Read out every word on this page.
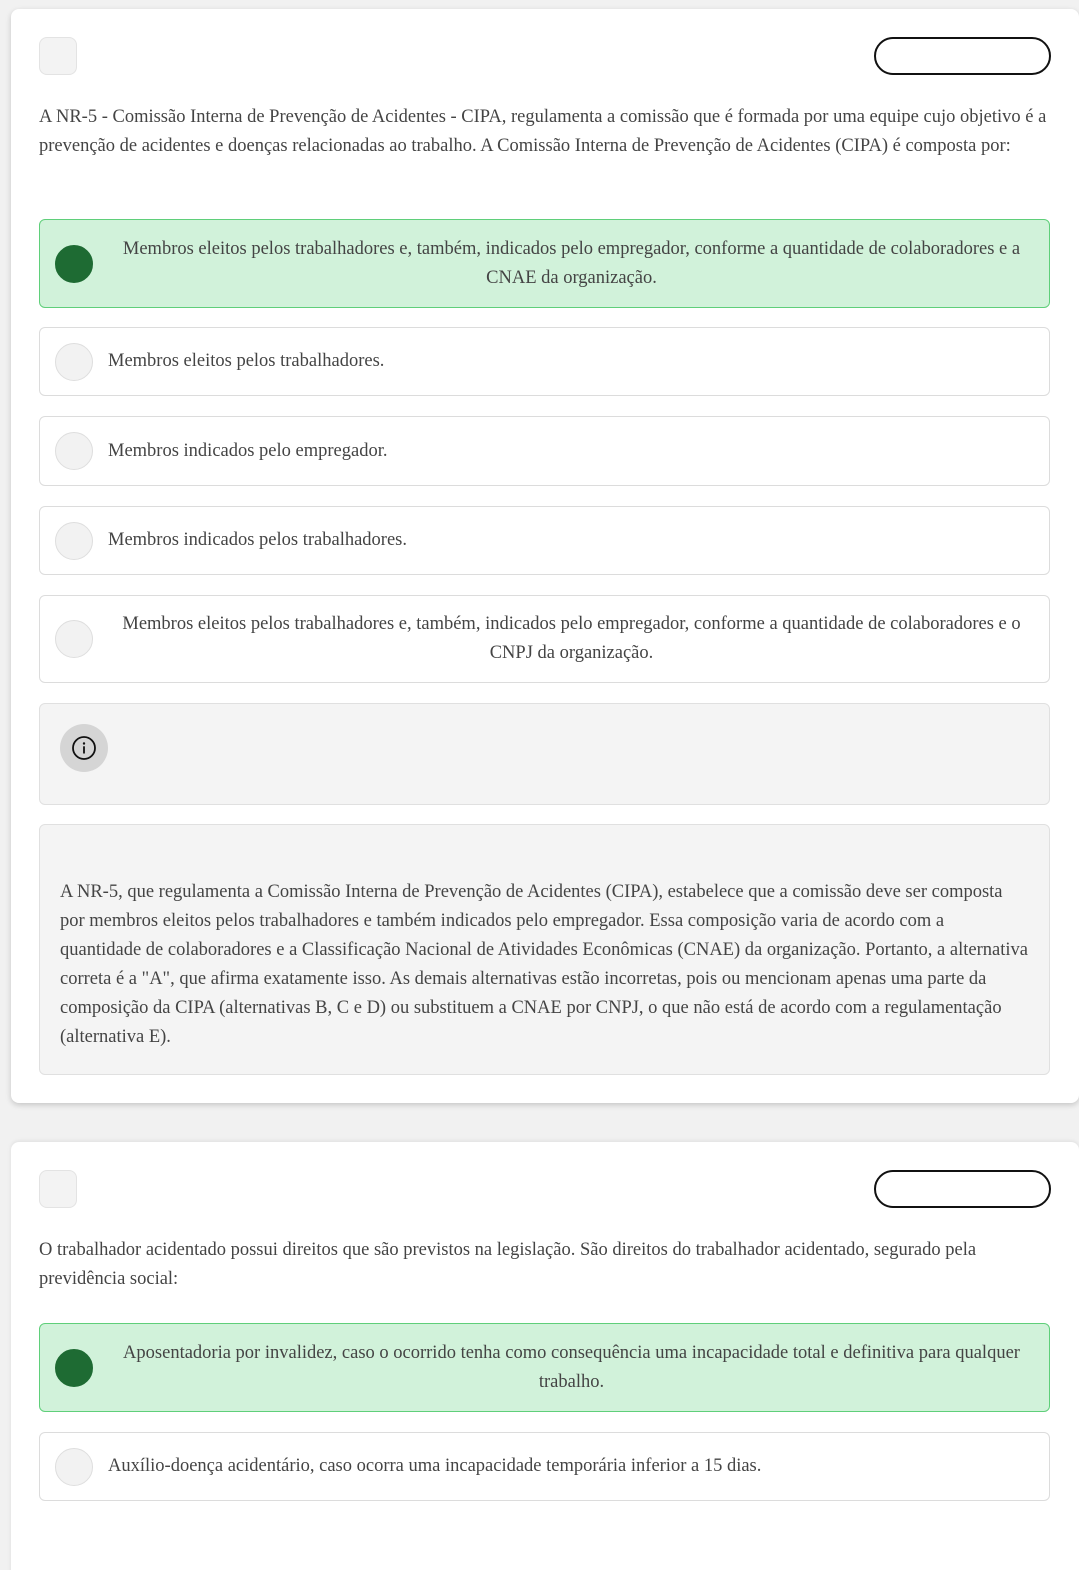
A NR-5 - Comissão Interna de Prevenção de Acidentes - CIPA, regulamenta a comissão que é formada por uma equipe cujo objetivo é a prevenção de acidentes e doenças relacionadas ao trabalho. A Comissão Interna de Prevenção de Acidentes (CIPA) é composta por:
Membros eleitos pelos trabalhadores e, também, indicados pelo empregador, conforme a quantidade de colaboradores e a CNAE da organização.
Membros eleitos pelos trabalhadores.
Membros indicados pelo empregador.
Membros indicados pelos trabalhadores.
Membros eleitos pelos trabalhadores e, também, indicados pelo empregador, conforme a quantidade de colaboradores e o CNPJ da organização.
A NR-5, que regulamenta a Comissão Interna de Prevenção de Acidentes (CIPA), estabelece que a comissão deve ser composta por membros eleitos pelos trabalhadores e também indicados pelo empregador. Essa composição varia de acordo com a quantidade de colaboradores e a Classificação Nacional de Atividades Econômicas (CNAE) da organização. Portanto, a alternativa correta é a "A", que afirma exatamente isso. As demais alternativas estão incorretas, pois ou mencionam apenas uma parte da composição da CIPA (alternativas B, C e D) ou substituem a CNAE por CNPJ, o que não está de acordo com a regulamentação (alternativa E).
O trabalhador acidentado possui direitos que são previstos na legislação. São direitos do trabalhador acidentado, segurado pela previdência social:
Aposentadoria por invalidez, caso o ocorrido tenha como consequência uma incapacidade total e definitiva para qualquer trabalho.
Auxílio-doença acidentário, caso ocorra uma incapacidade temporária inferior a 15 dias.
